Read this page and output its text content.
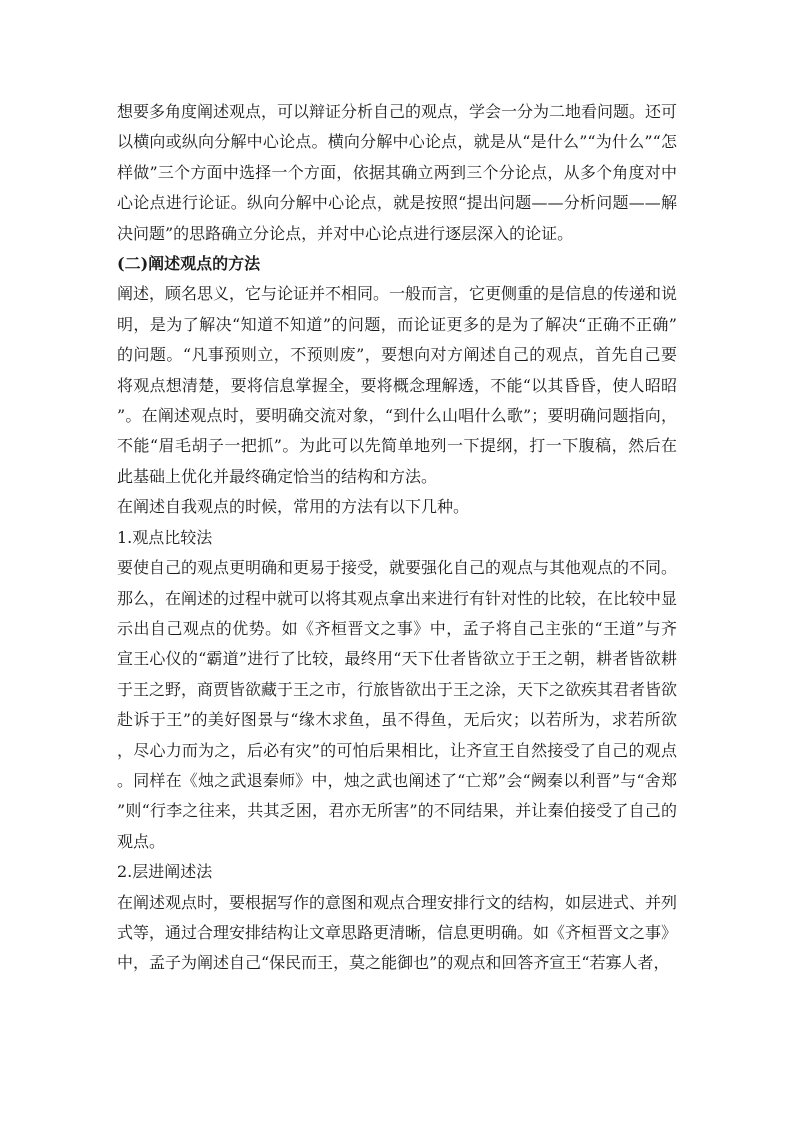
想要多角度阐述观点，可以辩证分析自己的观点，学会一分为二地看问题。还可以横向或纵向分解中心论点。横向分解中心论点，就是从“是什么”“为什么”“怎样做”三个方面中选择一个方面，依据其确立两到三个分论点，从多个角度对中心论点进行论证。纵向分解中心论点，就是按照“提出问题——分析问题——解决问题”的思路确立分论点，并对中心论点进行逐层深入的论证。

(二)阐述观点的方法

阐述，顾名思义，它与论证并不相同。一般而言，它更侧重的是信息的传递和说明，是为了解决“知道不知道”的问题，而论证更多的是为了解决“正确不正确”的问题。“凡事预则立，不预则废”，要想向对方阐述自己的观点，首先自己要将观点想清楚，要将信息掌握全，要将概念理解透，不能“以其昏昏，使人昭昭”。在阐述观点时，要明确交流对象，“到什么山唱什么歌”；要明确问题指向，不能“眉毛胡子一把抓”。为此可以先简单地列一下提纲，打一下腹稿，然后在此基础上优化并最终确定恰当的结构和方法。

在阐述自我观点的时候，常用的方法有以下几种。

1.观点比较法

要使自己的观点更明确和更易于接受，就要强化自己的观点与其他观点的不同。那么，在阐述的过程中就可以将其观点拿出来进行有针对性的比较，在比较中显示出自己观点的优势。如《齐桓晋文之事》中，孟子将自己主张的“王道”与齐宣王心仪的“霸道”进行了比较，最终用“天下仕者皆欲立于王之朝，耕者皆欲耕于王之野，商贾皆欲藏于王之市，行旅皆欲出于王之涂，天下之欲疾其君者皆欲赴诉于王”的美好图景与“缘木求鱼，虽不得鱼，无后灾；以若所为，求若所欲，尽心力而为之，后必有灾”的可怕后果相比，让齐宣王自然接受了自己的观点。同样在《烛之武退秦师》中，烛之武也阐述了“亡郑”会“阙秦以利晋”与“舍郑”则“行李之往来，共其乏困，君亦无所害”的不同结果，并让秦伯接受了自己的观点。

2.层进阐述法

在阐述观点时，要根据写作的意图和观点合理安排行文的结构，如层进式、并列式等，通过合理安排结构让文章思路更清晰，信息更明确。如《齐桓晋文之事》中，孟子为阐述自己“保民而王，莫之能御也”的观点和回答齐宣王“若寡人者，
